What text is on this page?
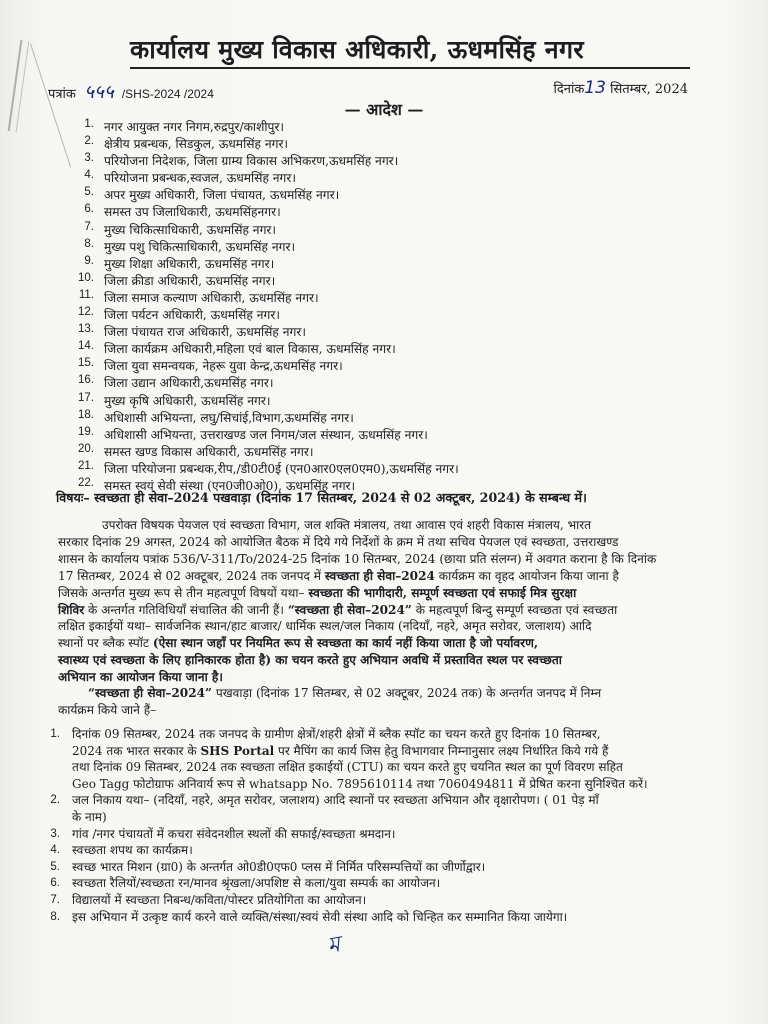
कार्यालय मुख्य विकास अधिकारी, ऊधमसिंह नगर
पत्रांक ५५५ /SHS-2024 /2024	दिनांक13 सितम्बर, 2024
— आदेश —
1. नगर आयुक्त नगर निगम,रुद्रपुर/काशीपुर।
2. क्षेत्रीय प्रबन्धक, सिडकुल, ऊधमसिंह नगर।
3. परियोजना निदेशक, जिला ग्राम्य विकास अभिकरण,ऊधमसिंह नगर।
4. परियोजना प्रबन्धक,स्वजल, ऊधमसिंह नगर।
5. अपर मुख्य अधिकारी, जिला पंचायत, ऊधमसिंह नगर।
6. समस्त उप जिलाधिकारी, ऊधमसिंहनगर।
7. मुख्य चिकित्साधिकारी, ऊधमसिंह नगर।
8. मुख्य पशु चिकित्साधिकारी, ऊधमसिंह नगर।
9. मुख्य शिक्षा अधिकारी, ऊधमसिंह नगर।
10. जिला क्रीडा अधिकारी, ऊधमसिंह नगर।
11. जिला समाज कल्याण अधिकारी, ऊधमसिंह नगर।
12. जिला पर्यटन अधिकारी, ऊधमसिंह नगर।
13. जिला पंचायत राज अधिकारी, ऊधमसिंह नगर।
14. जिला कार्यक्रम अधिकारी,महिला एवं बाल विकास, ऊधमसिंह नगर।
15. जिला युवा समन्वयक, नेहरू युवा केन्द्र,ऊधमसिंह नगर।
16. जिला उद्यान अधिकारी,ऊधमसिंह नगर।
17. मुख्य कृषि अधिकारी, ऊधमसिंह नगर।
18. अधिशासी अभियन्ता, लघु/सिचांई,विभाग,ऊधमसिंह नगर।
19. अधिशासी अभियन्ता, उत्तराखण्ड जल निगम/जल संस्थान, ऊधमसिंह नगर।
20. समस्त खण्ड विकास अधिकारी, ऊधमसिंह नगर।
21. जिला परियोजना प्रबन्धक,रीप,/डी0टी0ई (एन0आर0एल0एम0),ऊधमसिंह नगर।
22. समस्त स्वयं सेवी संस्था (एन0जी0ओ0), ऊधमसिंह नगर।
विषयः– स्वच्छता ही सेवा–2024 पखवाड़ा (दिनांक 17 सितम्बर, 2024 से 02 अक्टूबर, 2024) के सम्बन्ध में।
उपरोक्त विषयक पेयजल एवं स्वच्छता विभाग, जल शक्ति मंत्रालय, तथा आवास एवं शहरी विकास मंत्रालय, भारत
सरकार दिनांक 29 अगस्त, 2024 को आयोजित बैठक में दिये गये निर्देशों के क्रम में तथा सचिव पेयजल एवं स्वच्छता, उत्तराखण्ड
शासन के कार्यालय पत्रांक 536/V-311/To/2024-25 दिनांक 10 सितम्बर, 2024 (छाया प्रति संलग्न) में अवगत कराना है कि दिनांक
17 सितम्बर, 2024 से 02 अक्टूबर, 2024 तक जनपद में स्वच्छता ही सेवा–2024 कार्यक्रम का वृहद आयोजन किया जाना है
जिसके अन्तर्गत मुख्य रूप से तीन महत्वपूर्ण विषयों यथा– स्वच्छता की भागीदारी, सम्पूर्ण स्वच्छता एवं सफाई मित्र सुरक्षा
शिविर के अन्तर्गत गतिविधियाँ संचालित की जानी हैं। “स्वच्छता ही सेवा–2024” के महत्वपूर्ण बिन्दु सम्पूर्ण स्वच्छता एवं स्वच्छता
लक्षित इकाईयों यथा– सार्वजनिक स्थान/हाट बाजार/ धार्मिक स्थल/जल निकाय (नदियाँ, नहरे, अमृत सरोवर, जलाशय) आदि
स्थानों पर ब्लैक स्पॉट (ऐसा स्थान जहाँ पर नियमित रूप से स्वच्छता का कार्य नहीं किया जाता है जो पर्यावरण,
स्वास्थ्य एवं स्वच्छता के लिए हानिकारक होता है) का चयन करते हुए अभियान अवधि में प्रस्तावित स्थल पर स्वच्छता
अभियान का आयोजन किया जाना है।
“स्वच्छता ही सेवा–2024” पखवाड़ा (दिनांक 17 सितम्बर, से 02 अक्टूबर, 2024 तक) के अन्तर्गत जनपद में निम्न
कार्यक्रम किये जाने हैं–
1. दिनांक 09 सितम्बर, 2024 तक जनपद के ग्रामीण क्षेत्रों/शहरी क्षेत्रों में ब्लैक स्पॉट का चयन करते हुए दिनांक 10 सितम्बर,
2024 तक भारत सरकार के SHS Portal पर मैपिंग का कार्य जिस हेतु विभागवार निम्नानुसार लक्ष्य निर्धारित किये गये हैं
तथा दिनांक 09 सितम्बर, 2024 तक स्वच्छता लक्षित इकाईयों (CTU) का चयन करते हुए चयनित स्थल का पूर्ण विवरण सहित
Geo Tagg फोटोग्राफ अनिवार्य रूप से whatsapp No. 7895610114 तथा 7060494811 में प्रेषित करना सुनिश्चित करें।
2. जल निकाय यथा– (नदियाँ, नहरे, अमृत सरोवर, जलाशय) आदि स्थानों पर स्वच्छता अभियान और वृक्षारोपण। ( 01 पेड़ माँ
के नाम)
3. गांव /नगर पंचायतों में कचरा संवेदनशील स्थलों की सफाई/स्वच्छता श्रमदान।
4. स्वच्छता शपथ का कार्यक्रम।
5. स्वच्छ भारत मिशन (ग्रा0) के अन्तर्गत ओ0डी0एफ0 प्लस में निर्मित परिसम्पत्तियों का जीर्णोद्वार।
6. स्वच्छता रैलियों/स्वच्छता रन/मानव श्रृंखला/अपशिष्ट से कला/युवा सम्पर्क का आयोजन।
7. विद्यालयों में स्वच्छता निबन्ध/कविता/पोस्टर प्रतियोगिता का आयोजन।
8. इस अभियान में उत्कृष्ट कार्य करने वाले व्यक्ति/संस्था/स्वयं सेवी संस्था आदि को चिन्हित कर सम्मानित किया जायेगा।
ম
